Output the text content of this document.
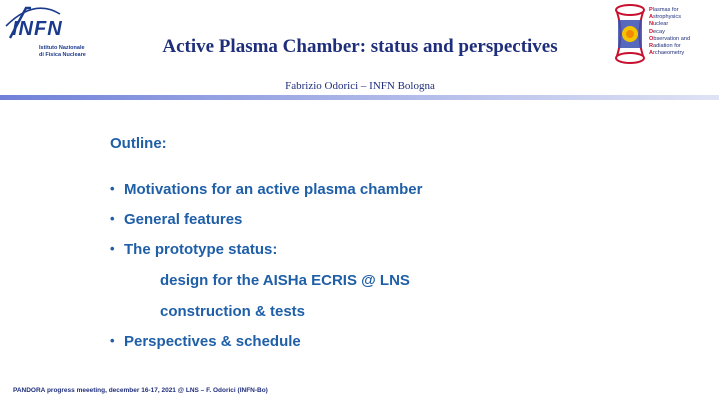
INFN
Istituto Nazionale
di Fisica Nucleare	Active Plasma Chamber: status and perspectives
Fabrizio Odorici – INFN Bologna
Plasmas for
Astrophysics
Nuclear
Decay
Observation and
Radiation for
Archaeometry
Outline:
• Motivations for an active plasma chamber
• General features
• The prototype status:
design for the AISHa ECRIS @ LNS
construction & tests
• Perspectives & schedule
PANDORA progress meeeting, december 16-17, 2021 @ LNS – F. Odorici (INFN-Bo)
